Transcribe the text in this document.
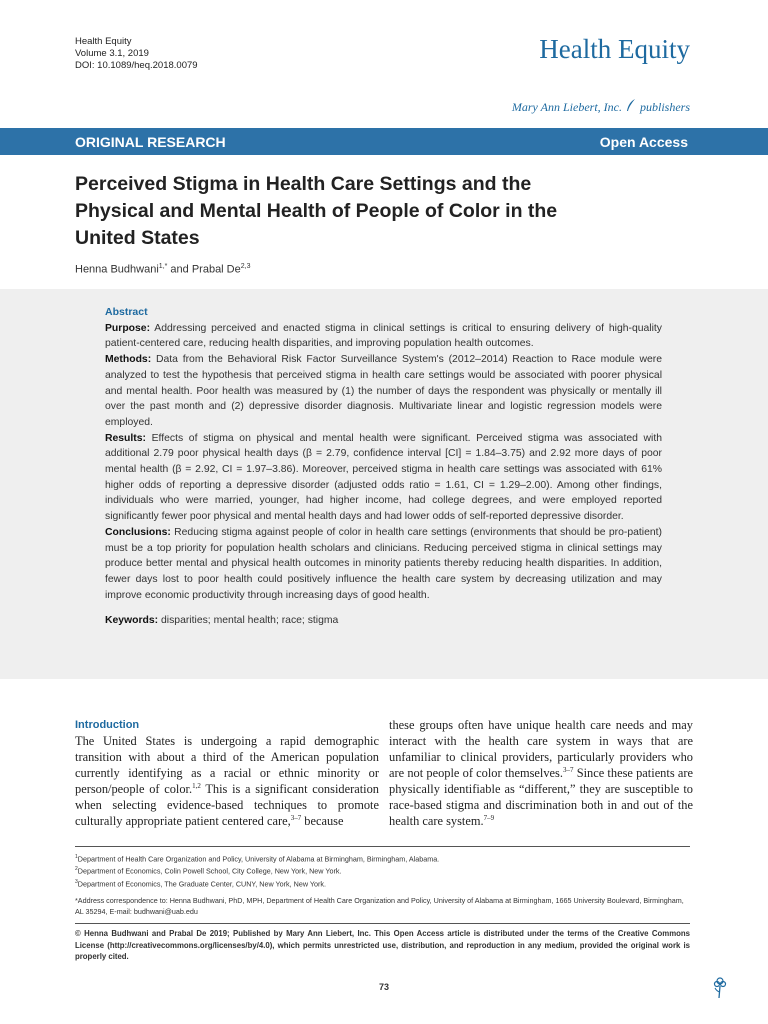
Health Equity
Volume 3.1, 2019
DOI: 10.1089/heq.2018.0079
Health Equity
Mary Ann Liebert, Inc. publishers
ORIGINAL RESEARCH	Open Access
Perceived Stigma in Health Care Settings and the Physical and Mental Health of People of Color in the United States
Henna Budhwani$^{1,*}$ and Prabal De$^{2,3}$

Abstract

Purpose: Addressing perceived and enacted stigma in clinical settings is critical to ensuring delivery of high-quality patient-centered care, reducing health disparities, and improving population health outcomes.

Methods: Data from the Behavioral Risk Factor Surveillance System's (2012–2014) Reaction to Race module were analyzed to test the hypothesis that perceived stigma in health care settings would be associated with poorer physical and mental health. Poor health was measured by (1) the number of days the respondent was physically or mentally ill over the past month and (2) depressive disorder diagnosis. Multivariate linear and logistic regression models were employed.

Results: Effects of stigma on physical and mental health were significant. Perceived stigma was associated with additional 2.79 poor physical health days (β = 2.79, confidence interval [CI] = 1.84–3.75) and 2.92 more days of poor mental health (β = 2.92, CI = 1.97–3.86). Moreover, perceived stigma in health care settings was associated with 61% higher odds of reporting a depressive disorder (adjusted odds ratio = 1.61, CI = 1.29–2.00). Among other findings, individuals who were married, younger, had higher income, had college degrees, and were employed reported significantly fewer poor physical and mental health days and had lower odds of self-reported depressive disorder.

Conclusions: Reducing stigma against people of color in health care settings (environments that should be pro-patient) must be a top priority for population health scholars and clinicians. Reducing perceived stigma in clinical settings may produce better mental and physical health outcomes in minority patients thereby reducing health disparities. In addition, fewer days lost to poor health could positively influence the health care system by decreasing utilization and may improve economic productivity through increasing days of good health.

Keywords: disparities; mental health; race; stigma

Introduction
The United States is undergoing a rapid demographic transition with about a third of the American population currently identifying as a racial or ethnic minority or person/people of color.$^{1,2}$ This is a significant consideration when selecting evidence-based techniques to promote culturally appropriate patient centered care,$^{3-7}$ because
these groups often have unique health care needs and may interact with the health care system in ways that are unfamiliar to clinical providers, particularly providers who are not people of color themselves.$^{3-7}$ Since these patients are physically identifiable as “different,” they are susceptible to race-based stigma and discrimination both in and out of the health care system.$^{7-9}$
$^1$Department of Health Care Organization and Policy, University of Alabama at Birmingham, Birmingham, Alabama.
$^2$Department of Economics, Colin Powell School, City College, New York, New York.
$^3$Department of Economics, The Graduate Center, CUNY, New York, New York.
*Address correspondence to: Henna Budhwani, PhD, MPH, Department of Health Care Organization and Policy, University of Alabama at Birmingham, 1665 University Boulevard, Birmingham, AL 35294, E-mail: budhwani@uab.edu
© Henna Budhwani and Prabal De 2019; Published by Mary Ann Liebert, Inc. This Open Access article is distributed under the terms of the Creative Commons License (http://creativecommons.org/licenses/by/4.0), which permits unrestricted use, distribution, and reproduction in any medium, provided the original work is properly cited.
73
